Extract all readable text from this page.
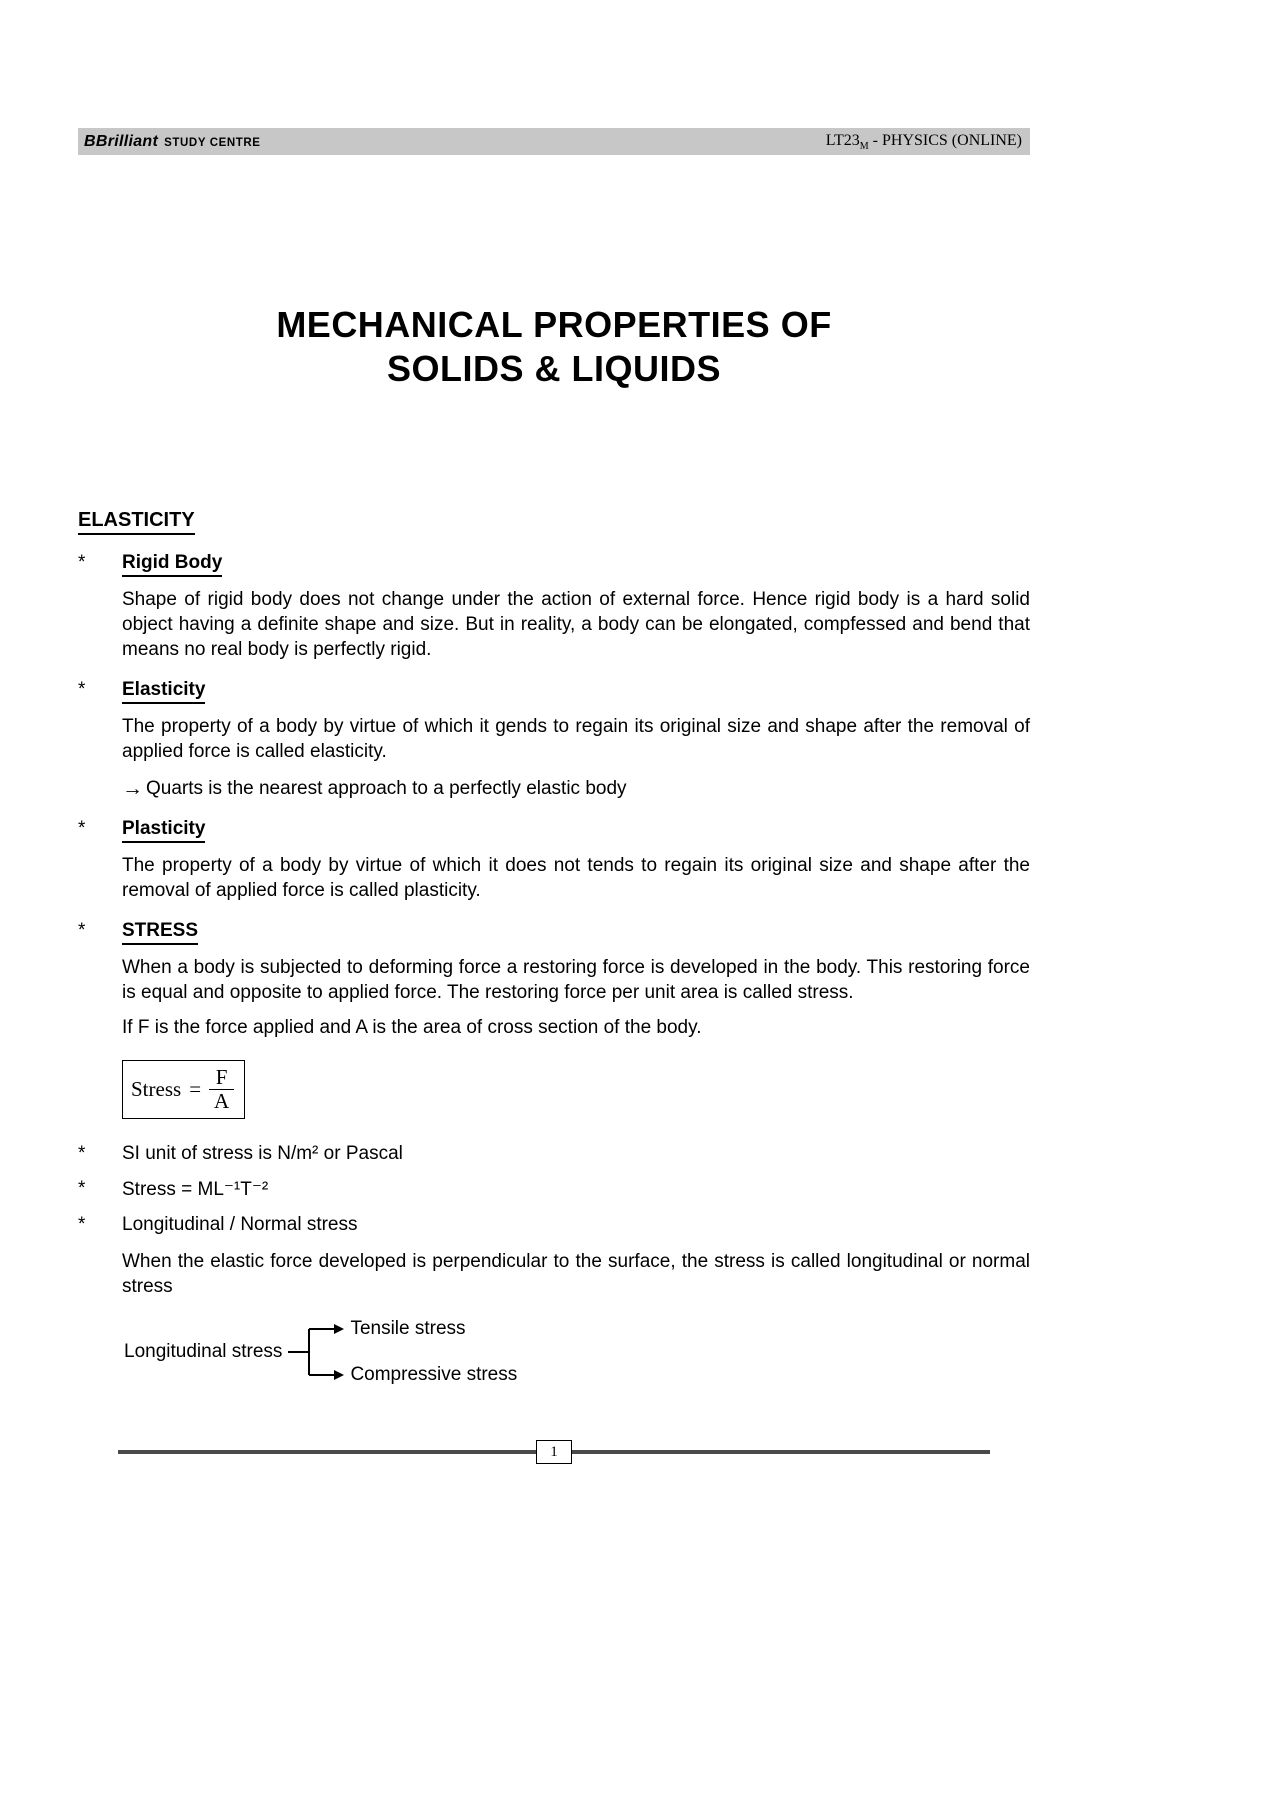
BBrilliant STUDY CENTRE	$LT23_M$ - PHYSICS (ONLINE)
MECHANICAL PROPERTIES OF
SOLIDS & LIQUIDS
ELASTICITY
*	Rigid Body

Shape of rigid body does not change under the action of external force. Hence rigid body is a hard solid object having a definite shape and size. But in reality, a body can be elongated, compfessed and bend that means no real body is perfectly rigid.

*	Elasticity

The property of a body by virtue of which it gends to regain its original size and shape after the removal of applied force is called elasticity.

→ Quarts is the nearest approach to a perfectly elastic body
*	Plasticity

The property of a body by virtue of which it does not tends to regain its original size and shape after the removal of applied force is called plasticity.

*	STRESS

When a body is subjected to deforming force a restoring force is developed in the body. This restoring force is equal and opposite to applied force. The restoring force per unit area is called stress.

If F is the force applied and A is the area of cross section of the body.

Stress = $\frac{F}{A}$
*	SI unit of stress is N/m² or Pascal
*	Stress = ML⁻¹T⁻²
*	Longitudinal / Normal stress

When the elastic force developed is perpendicular to the surface, the stress is called longitudinal or normal stress

Longitudinal stress
Tensile stress
Compressive stress
1
